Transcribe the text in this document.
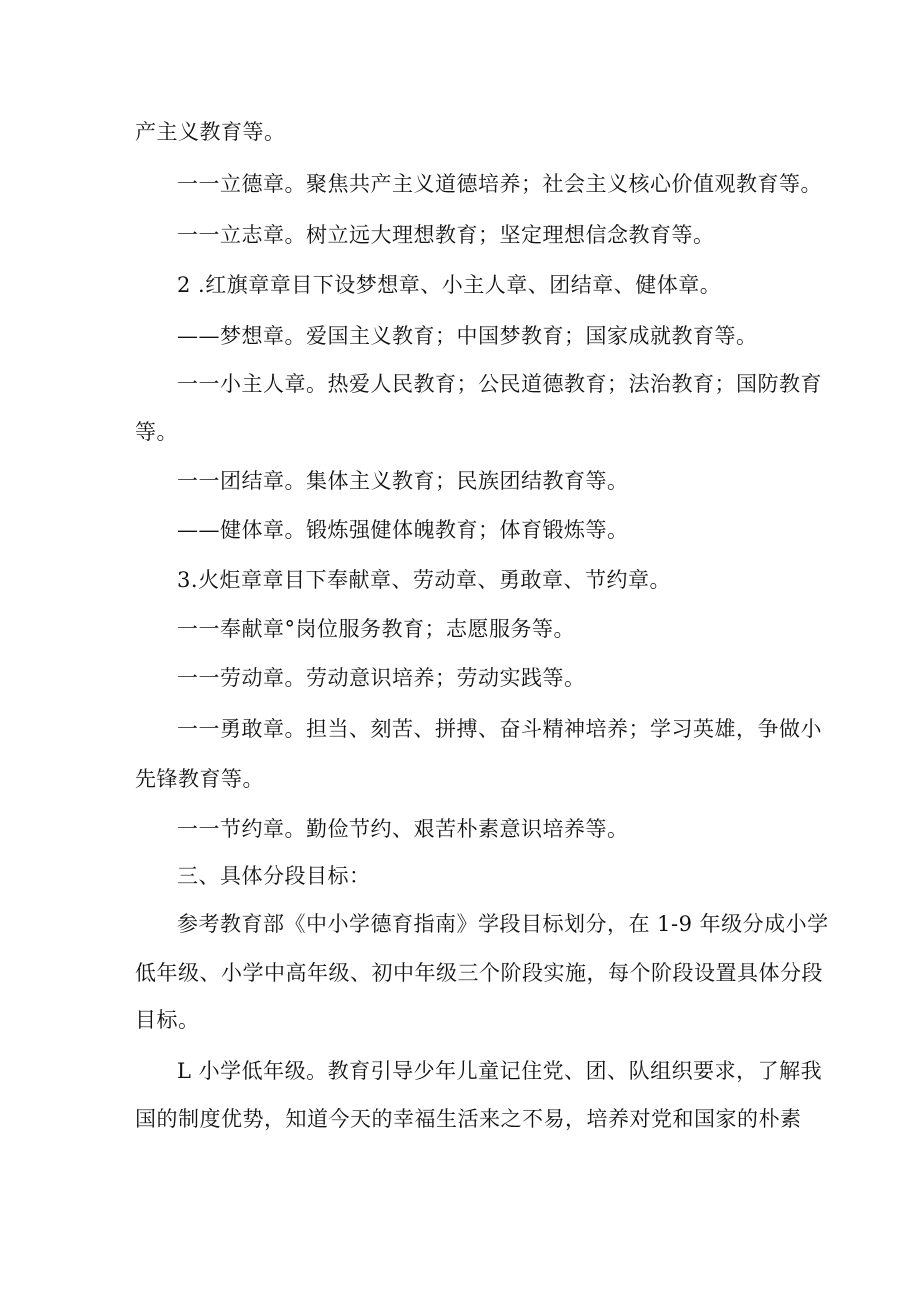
产主义教育等。
一一立德章。聚焦共产主义道德培养；社会主义核心价值观教育等。
一一立志章。树立远大理想教育；坚定理想信念教育等。
2 .红旗章章目下设梦想章、小主人章、团结章、健体章。
——梦想章。爱国主义教育；中国梦教育；国家成就教育等。
一一小主人章。热爱人民教育；公民道德教育；法治教育；国防教育
等。
一一团结章。集体主义教育；民族团结教育等。
——健体章。锻炼强健体魄教育；体育锻炼等。
3.火炬章章目下奉献章、劳动章、勇敢章、节约章。
一一奉献章°岗位服务教育；志愿服务等。
一一劳动章。劳动意识培养；劳动实践等。
一一勇敢章。担当、刻苦、拼搏、奋斗精神培养；学习英雄，争做小
先锋教育等。
一一节约章。勤俭节约、艰苦朴素意识培养等。
三、具体分段目标：
参考教育部《中小学德育指南》学段目标划分，在 1-9 年级分成小学
低年级、小学中高年级、初中年级三个阶段实施，每个阶段设置具体分段
目标。
L 小学低年级。教育引导少年儿童记住党、团、队组织要求，了解我
国的制度优势，知道今天的幸福生活来之不易，培养对党和国家的朴素
